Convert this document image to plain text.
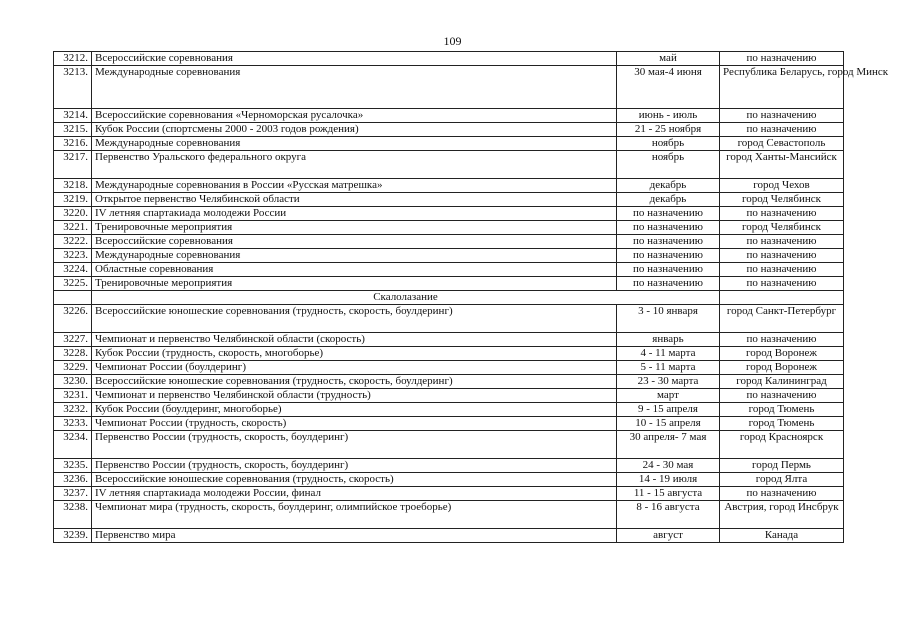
109
3212.	Всероссийские соревнования	май	по назначению
3213.	Международные соревнования	30 мая-4 июня	Республика Беларусь, город Минск
3214.	Всероссийские соревнования «Черноморская русалочка»	июнь - июль	по назначению
3215.	Кубок России (спортсмены 2000 - 2003 годов рождения)	21 - 25 ноября	по назначению
3216.	Международные соревнования	ноябрь	город Севастополь
3217.	Первенство Уральского федерального округа	ноябрь	город Ханты-Мансийск
3218.	Международные соревнования в России «Русская матрешка»	декабрь	город Чехов
3219.	Открытое первенство Челябинской области	декабрь	город Челябинск
3220.	IV летняя спартакиада молодежи России	по назначению	по назначению
3221.	Тренировочные мероприятия	по назначению	город Челябинск
3222.	Всероссийские соревнования	по назначению	по назначению
3223.	Международные соревнования	по назначению	по назначению
3224.	Областные соревнования	по назначению	по назначению
3225.	Тренировочные мероприятия	по назначению	по назначению
	Скалолазание		
3226.	Всероссийские юношеские соревнования (трудность, скорость, боулдеринг)	3 - 10 января	город Санкт-Петербург
3227.	Чемпионат и первенство Челябинской области (скорость)	январь	по назначению
3228.	Кубок России (трудность, скорость, многоборье)	4 - 11 марта	город Воронеж
3229.	Чемпионат России (боулдеринг)	5 - 11 марта	город Воронеж
3230.	Всероссийские юношеские соревнования (трудность, скорость, боулдеринг)	23 - 30 марта	город Калининград
3231.	Чемпионат и первенство Челябинской области (трудность)	март	по назначению
3232.	Кубок России (боулдеринг, многоборье)	9 - 15 апреля	город Тюмень
3233.	Чемпионат России (трудность, скорость)	10 - 15 апреля	город Тюмень
3234.	Первенство России (трудность, скорость, боулдеринг)	30 апреля- 7 мая	город Красноярск
3235.	Первенство России (трудность, скорость, боулдеринг)	24 - 30 мая	город Пермь
3236.	Всероссийские юношеские соревнования (трудность, скорость)	14 - 19 июля	город Ялта
3237.	IV летняя спартакиада молодежи России, финал	11 - 15 августа	по назначению
3238.	Чемпионат мира (трудность, скорость, боулдеринг, олимпийское троеборье)	8 - 16 августа	Австрия, город Инсбрук
3239.	Первенство мира	август	Канада
